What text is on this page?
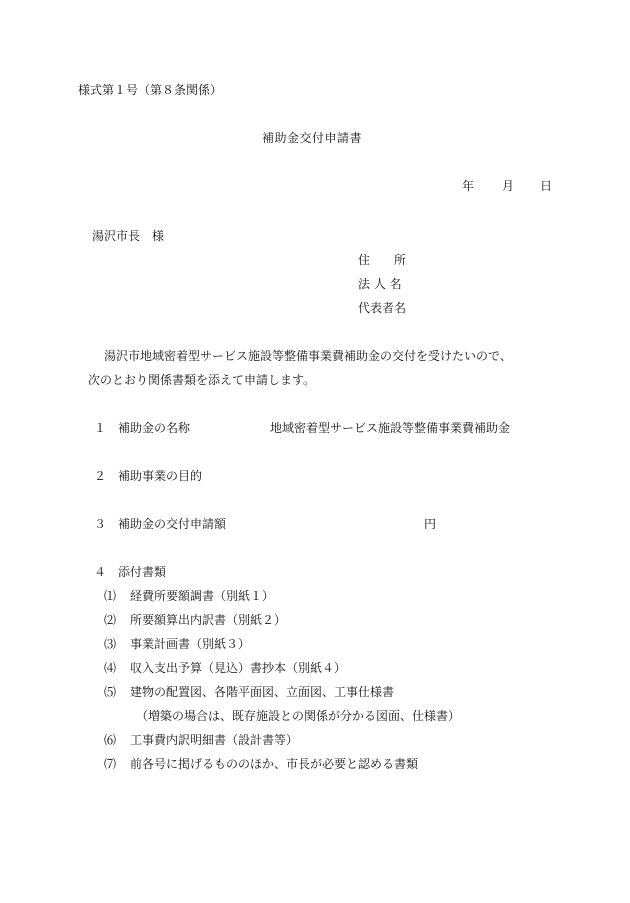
様式第１号（第８条関係）
補助金交付申請書
年 月 日
湯沢市長　様
住　　所
法 人 名
代表者名
湯沢市地域密着型サービス施設等整備事業費補助金の交付を受けたいので、
次のとおり関係書類を添えて申請します。
１ 補助金の名称	地域密着型サービス施設等整備事業費補助金
２ 補助事業の目的
３ 補助金の交付申請額	円
４ 添付書類
⑴ 経費所要額調書（別紙１）
⑵ 所要額算出内訳書（別紙２）
⑶ 事業計画書（別紙３）
⑷ 収入支出予算（見込）書抄本（別紙４）
⑸ 建物の配置図、各階平面図、立面図、工事仕様書
（増築の場合は、既存施設との関係が分かる図面、仕様書）
⑹ 工事費内訳明細書（設計書等）
⑺ 前各号に掲げるもののほか、市長が必要と認める書類
